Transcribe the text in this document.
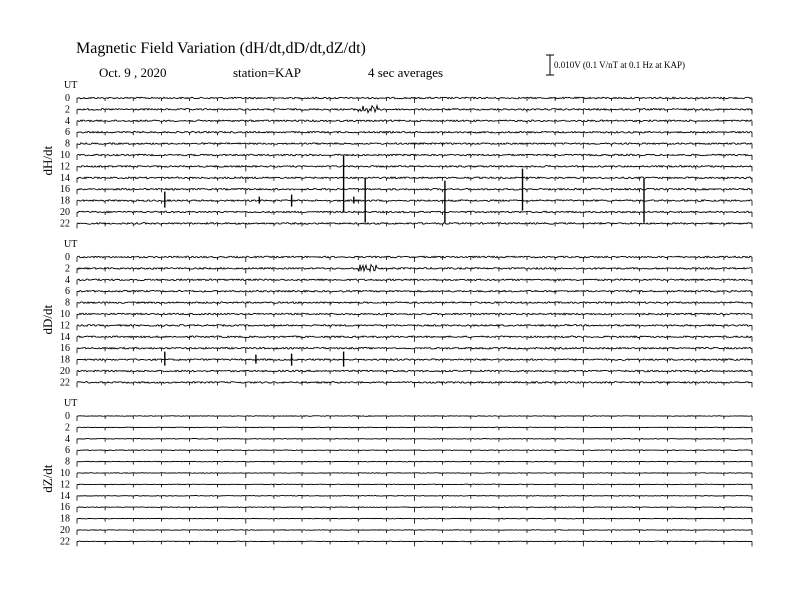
Magnetic Field Variation (dH/dt,dD/dt,dZ/dt)
Oct. 9 , 2020	station=KAP	4 sec averages	0.010V (0.1 V/nT at 0.1 Hz at KAP)
UT
dH/dt
0
2
4
6
8
10
12
14
16
18
20
22
UT
dD/dt
0
2
4
6
8
10
12
14
16
18
20
22
UT
dZ/dt
0
2
4
6
8
10
12
14
16
18
20
22
